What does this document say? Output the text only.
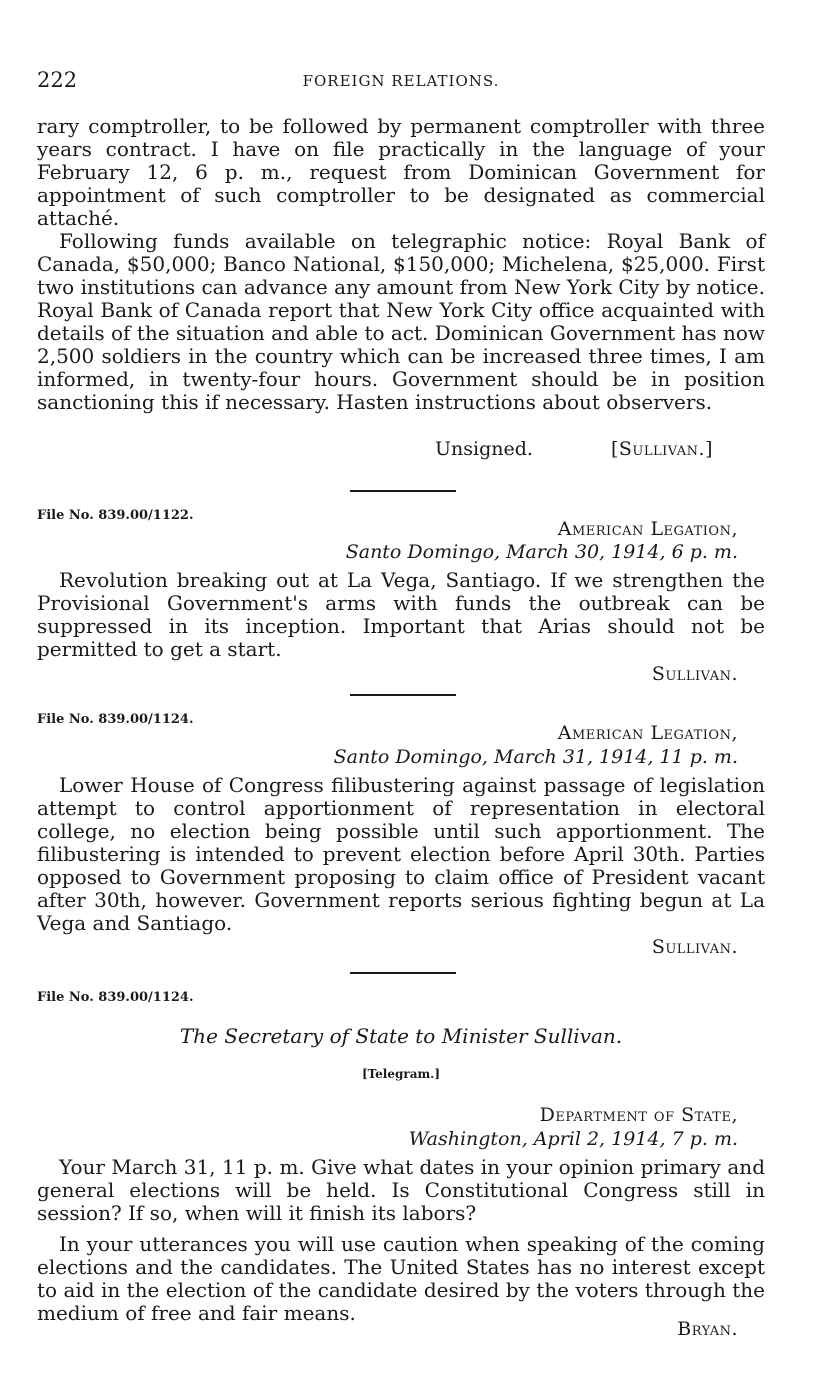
222	FOREIGN RELATIONS.

rary comptroller, to be followed by permanent comptroller with three years contract. I have on file practically in the language of your February 12, 6 p. m., request from Dominican Government for appointment of such comptroller to be designated as commercial attaché.

Following funds available on telegraphic notice: Royal Bank of Canada, $50,000; Banco National, $150,000; Michelena, $25,000. First two institutions can advance any amount from New York City by notice. Royal Bank of Canada report that New York City office acquainted with details of the situation and able to act. Dominican Government has now 2,500 soldiers in the country which can be increased three times, I am informed, in twenty-four hours. Government should be in position sanctioning this if necessary. Hasten instructions about observers.

Unsigned.	[Sullivan.]
File No. 839.00/1122.
American Legation,
Santo Domingo, March 30, 1914, 6 p. m.

Revolution breaking out at La Vega, Santiago. If we strengthen the Provisional Government's arms with funds the outbreak can be suppressed in its inception. Important that Arias should not be permitted to get a start.

Sullivan.
File No. 839.00/1124.
American Legation,
Santo Domingo, March 31, 1914, 11 p. m.

Lower House of Congress filibustering against passage of legislation attempt to control apportionment of representation in electoral college, no election being possible until such apportionment. The filibustering is intended to prevent election before April 30th. Parties opposed to Government proposing to claim office of President vacant after 30th, however. Government reports serious fighting begun at La Vega and Santiago.

Sullivan.
File No. 839.00/1124.
The Secretary of State to Minister Sullivan.
[Telegram.]
Department of State,
Washington, April 2, 1914, 7 p. m.

Your March 31, 11 p. m. Give what dates in your opinion primary and general elections will be held. Is Constitutional Congress still in session? If so, when will it finish its labors?

In your utterances you will use caution when speaking of the coming elections and the candidates. The United States has no interest except to aid in the election of the candidate desired by the voters through the medium of free and fair means.

Bryan.
